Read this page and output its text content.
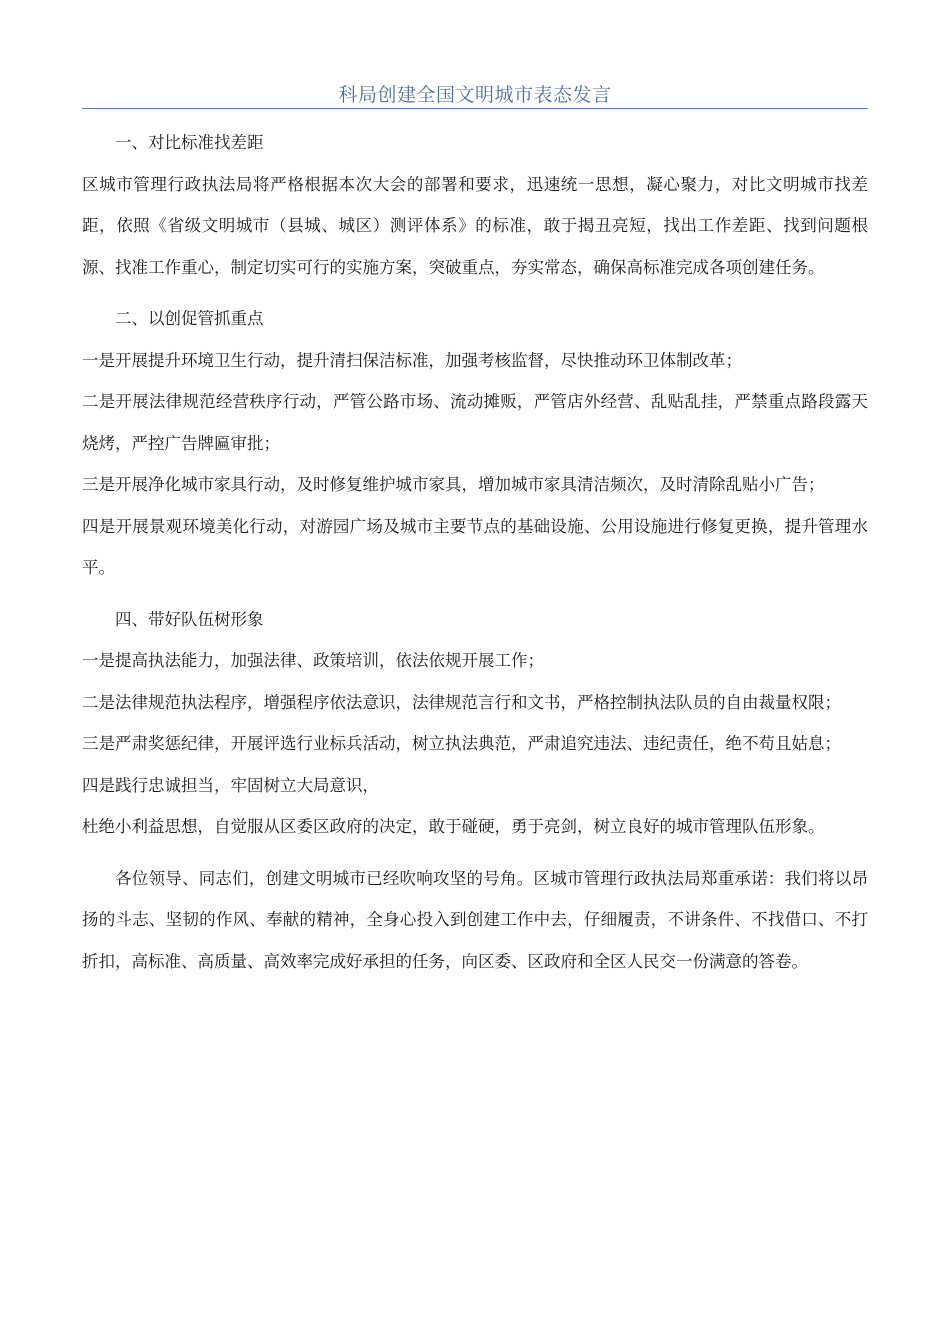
科局创建全国文明城市表态发言

一、对比标准找差距

区城市管理行政执法局将严格根据本次大会的部署和要求，迅速统一思想，凝心聚力，对比文明城市找差距，依照《省级文明城市（县城、城区）测评体系》的标准，敢于揭丑亮短，找出工作差距、找到问题根源、找准工作重心，制定切实可行的实施方案，突破重点，夯实常态，确保高标准完成各项创建任务。

二、以创促管抓重点

一是开展提升环境卫生行动，提升清扫保洁标准，加强考核监督，尽快推动环卫体制改革；

二是开展法律规范经营秩序行动，严管公路市场、流动摊贩，严管店外经营、乱贴乱挂，严禁重点路段露天烧烤，严控广告牌匾审批；

三是开展净化城市家具行动，及时修复维护城市家具，增加城市家具清洁频次，及时清除乱贴小广告；

四是开展景观环境美化行动，对游园广场及城市主要节点的基础设施、公用设施进行修复更换，提升管理水平。

四、带好队伍树形象

一是提高执法能力，加强法律、政策培训，依法依规开展工作；

二是法律规范执法程序，增强程序依法意识，法律规范言行和文书，严格控制执法队员的自由裁量权限；

三是严肃奖惩纪律，开展评选行业标兵活动，树立执法典范，严肃追究违法、违纪责任，绝不苟且姑息；

四是践行忠诚担当，牢固树立大局意识，

杜绝小利益思想，自觉服从区委区政府的决定，敢于碰硬，勇于亮剑，树立良好的城市管理队伍形象。

各位领导、同志们，创建文明城市已经吹响攻坚的号角。区城市管理行政执法局郑重承诺：我们将以昂扬的斗志、坚韧的作风、奉献的精神，全身心投入到创建工作中去，仔细履责，不讲条件、不找借口、不打折扣，高标准、高质量、高效率完成好承担的任务，向区委、区政府和全区人民交一份满意的答卷。
